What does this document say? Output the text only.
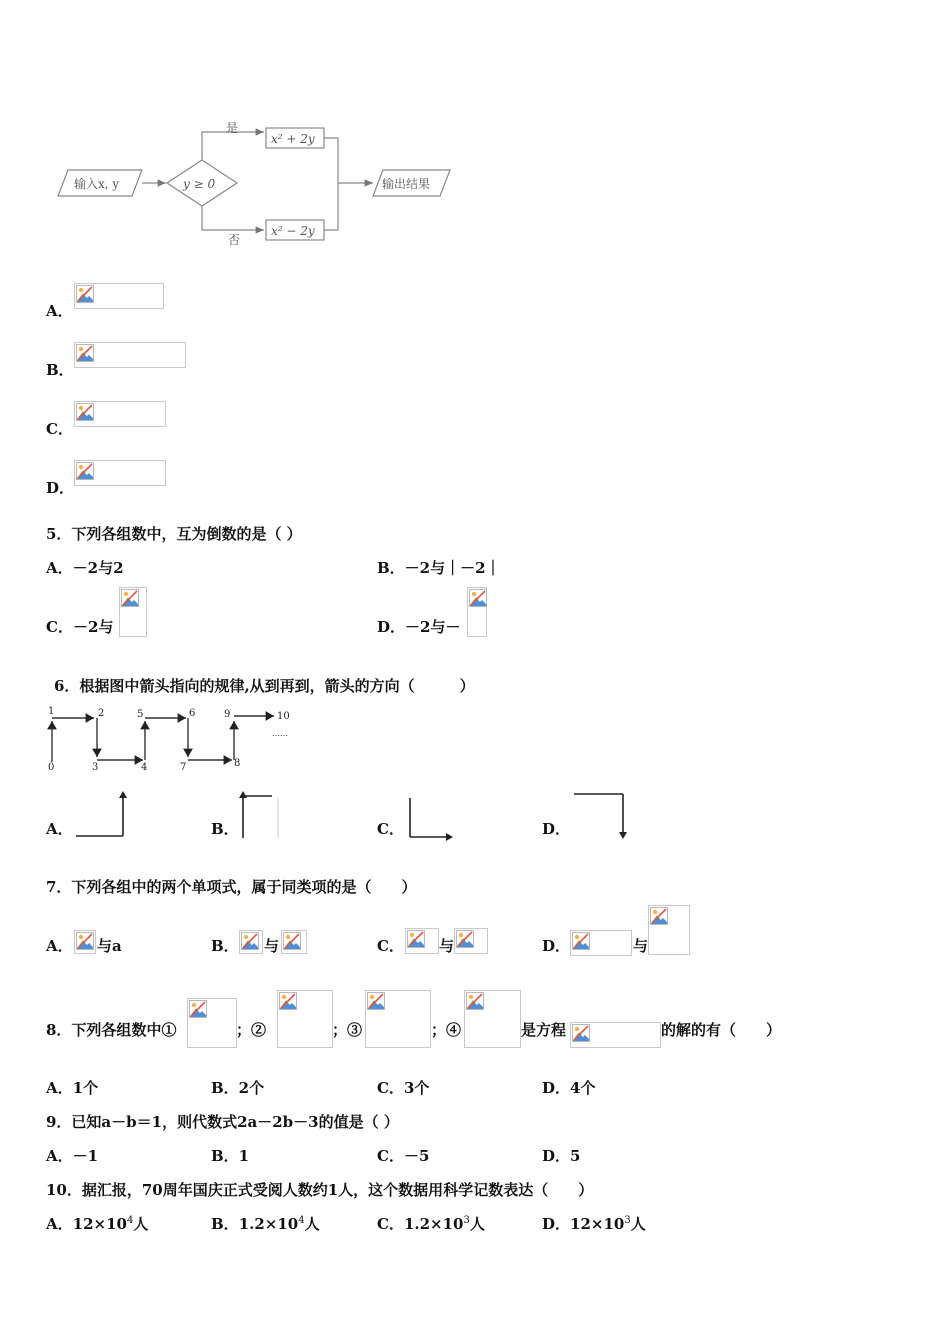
输入x, y	y ≥ 0
是
否
x² + 2y
x² − 2y
输出结果
A．
B．
C．
D．
5．下列各组数中，互为倒数的是（ ）
A．－2与2	B．－2与｜－2｜
C．－2与	D．－2与－
6．根据图中箭头指向的规律,从到再到，箭头的方向（　　　）
1	2
0	3	4
5	6
7	8
9	10
……
A．	B．	C．	D．
7．下列各组中的两个单项式，属于同类项的是（　　）
A． 与a	B． 与	C． 与	D．	与
8．下列各组数中①	；②	；③	；④	是方程	的解的有（　　）
A．1个	B．2个	C．3个	D．4个
9．已知a－b＝1，则代数式2a－2b－3的值是（ ）
A．－1	B．1	C．－5	D．5
10．据汇报，70周年国庆正式受阅人数约1人，这个数据用科学记数表达（　　）
A．$12\times 10^4$人	B．$1.2\times 10^4$人	C．$1.2\times 10^3$人	D．$12\times 10^3$人
